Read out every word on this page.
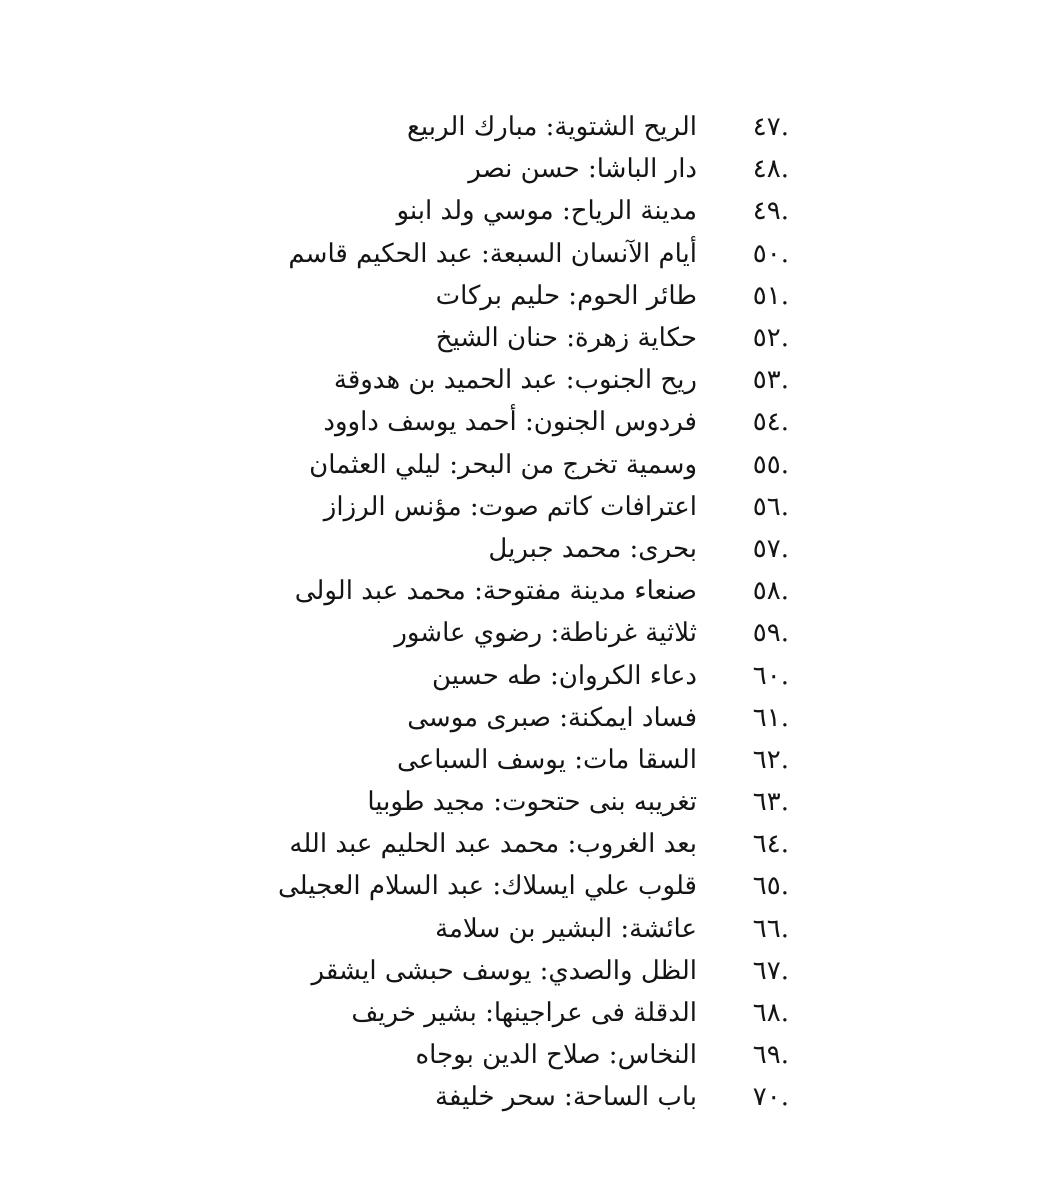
.٤٧
الريح الشتوية: مبارك الربيع
.٤٨
دار الباشا: حسن نصر
.٤٩
مدينة الرياح: موسي ولد ابنو
.٥٠
أيام الآنسان السبعة: عبد الحكيم قاسم
.٥١
طائر الحوم: حليم بركات
.٥٢
حكاية زهرة: حنان الشيخ
.٥٣
ريح الجنوب: عبد الحميد بن هدوقة
.٥٤
فردوس الجنون: أحمد يوسف داوود
.٥٥
وسمية تخرج من البحر: ليلي العثمان
.٥٦
اعترافات كاتم صوت: مؤنس الرزاز
.٥٧
بحرى: محمد جبريل
.٥٨
صنعاء مدينة مفتوحة: محمد عبد الولى
.٥٩
ثلاثية غرناطة: رضوي عاشور
.٦٠
دعاء الكروان: طه حسين
.٦١
فساد ايمكنة: صبرى موسى
.٦٢
السقا مات: يوسف السباعى
.٦٣
تغريبه بنى حتحوت: مجيد طوبيا
.٦٤
بعد الغروب: محمد عبد الحليم عبد الله
.٦٥
قلوب علي ايسلاك: عبد السلام العجيلى
.٦٦
عائشة: البشير بن سلامة
.٦٧
الظل والصدي: يوسف حبشى ايشقر
.٦٨
الدقلة فى عراجينها: بشير خريف
.٦٩
النخاس: صلاح الدين بوجاه
.٧٠
باب الساحة: سحر خليفة
